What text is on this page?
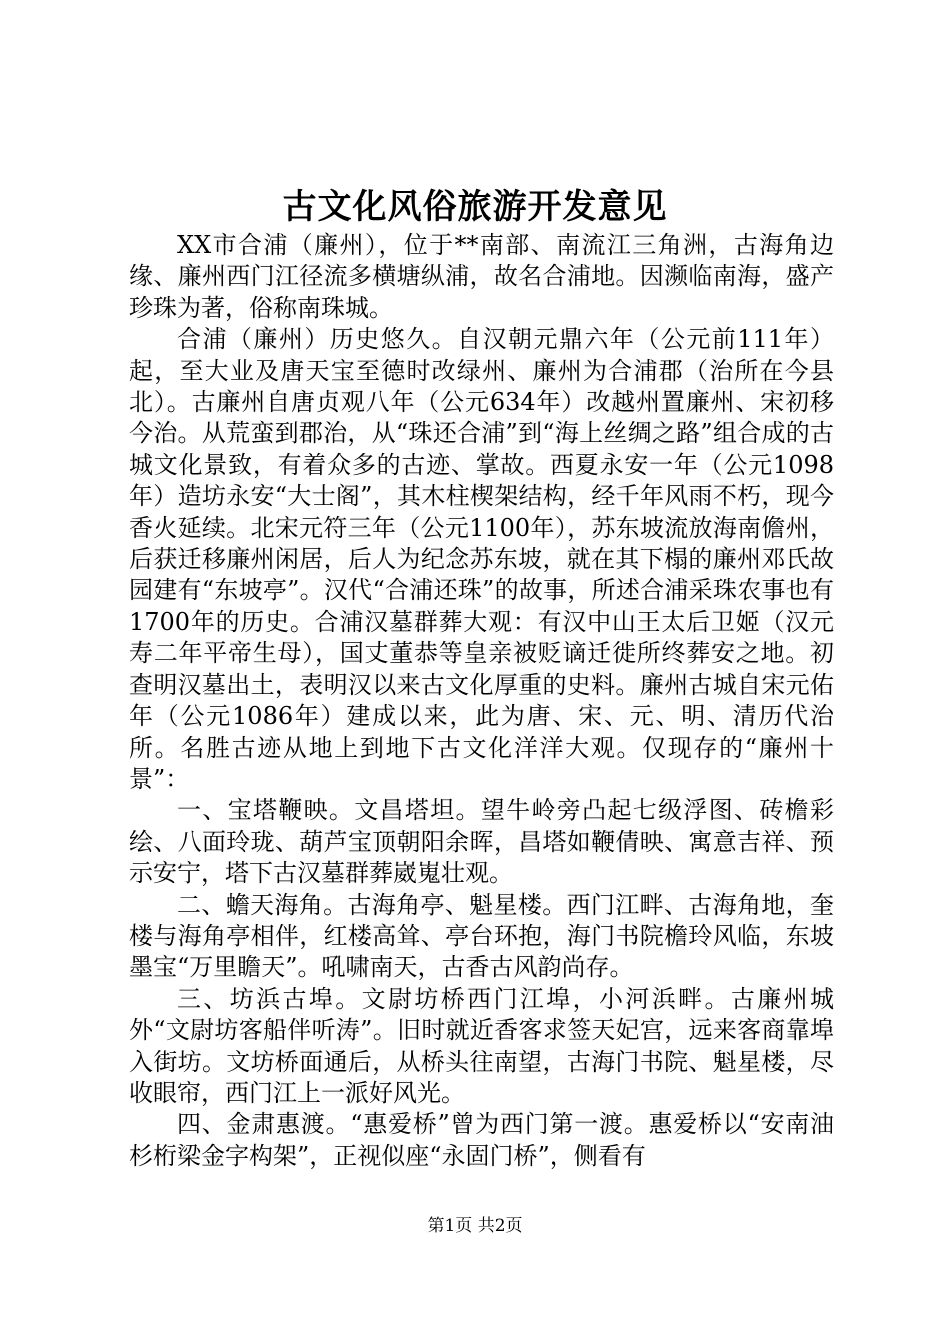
古文化风俗旅游开发意见

XX市合浦（廉州），位于**南部、南流江三角洲，古海角边缘、廉州西门江径流多横塘纵浦，故名合浦地。因濒临南海，盛产珍珠为著，俗称南珠城。

合浦（廉州）历史悠久。自汉朝元鼎六年（公元前111年）起，至大业及唐天宝至德时改绿州、廉州为合浦郡（治所在今县北）。古廉州自唐贞观八年（公元634年）改越州置廉州、宋初移今治。从荒蛮到郡治，从“珠还合浦”到“海上丝绸之路”组合成的古城文化景致，有着众多的古迹、掌故。西夏永安一年（公元1098年）造坊永安“大士阁”，其木柱楔架结构，经千年风雨不朽，现今香火延续。北宋元符三年（公元1100年），苏东坡流放海南儋州，后获迁移廉州闲居，后人为纪念苏东坡，就在其下榻的廉州邓氏故园建有“东坡亭”。汉代“合浦还珠”的故事，所述合浦采珠农事也有1700年的历史。合浦汉墓群葬大观：有汉中山王太后卫姬（汉元寿二年平帝生母），国丈董恭等皇亲被贬谪迁徙所终葬安之地。初查明汉墓出土，表明汉以来古文化厚重的史料。廉州古城自宋元佑年（公元1086年）建成以来，此为唐、宋、元、明、清历代治所。名胜古迹从地上到地下古文化洋洋大观。仅现存的“廉州十景”：

一、宝塔鞭映。文昌塔坦。望牛岭旁凸起七级浮图、砖檐彩绘、八面玲珑、葫芦宝顶朝阳余晖，昌塔如鞭倩映、寓意吉祥、预示安宁，塔下古汉墓群葬崴嵬壮观。

二、蟾天海角。古海角亭、魁星楼。西门江畔、古海角地，奎楼与海角亭相伴，红楼高耸、亭台环抱，海门书院檐玲风临，东坡墨宝“万里瞻天”。吼啸南天，古香古风韵尚存。

三、坊浜古埠。文尉坊桥西门江埠，小河浜畔。古廉州城外“文尉坊客船伴听涛”。旧时就近香客求签天妃宫，远来客商靠埠入街坊。文坊桥面通后，从桥头往南望，古海门书院、魁星楼，尽收眼帘，西门江上一派好风光。

四、金肃惠渡。“惠爱桥”曾为西门第一渡。惠爱桥以“安南油杉桁梁金字构架”，正视似座“永固门桥”，侧看有

第1页 共2页
